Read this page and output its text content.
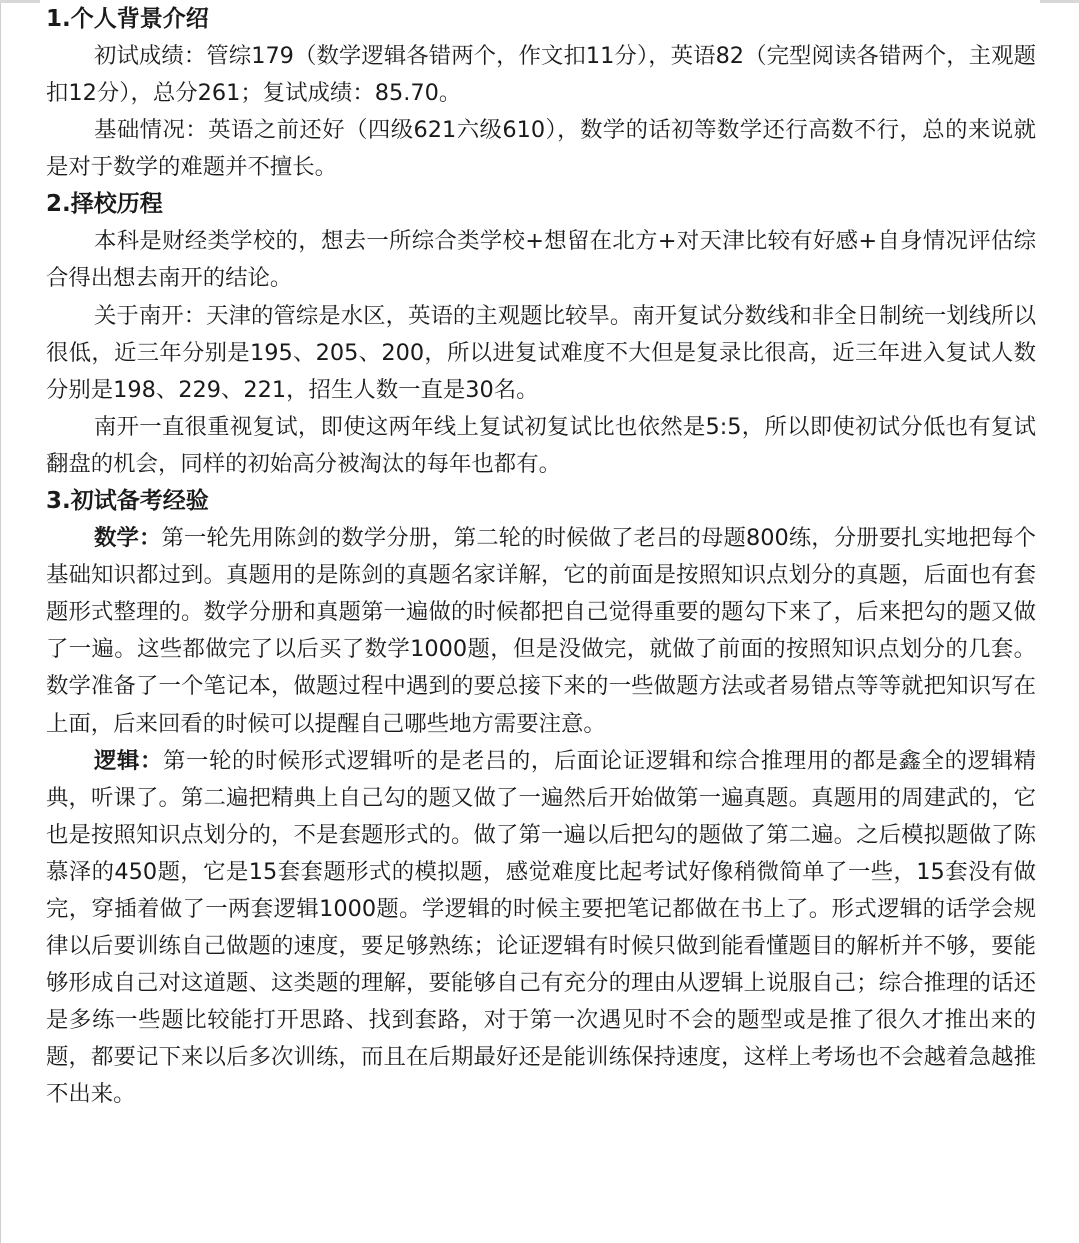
1.个人背景介绍

初试成绩：管综179（数学逻辑各错两个，作文扣11分），英语82（完型阅读各错两个，主观题扣12分），总分261；复试成绩：85.70。

基础情况：英语之前还好（四级621六级610），数学的话初等数学还行高数不行，总的来说就是对于数学的难题并不擅长。

2.择校历程

本科是财经类学校的，想去一所综合类学校+想留在北方+对天津比较有好感+自身情况评估综合得出想去南开的结论。

关于南开：天津的管综是水区，英语的主观题比较旱。南开复试分数线和非全日制统一划线所以很低，近三年分别是195、205、200，所以进复试难度不大但是复录比很高，近三年进入复试人数分别是198、229、221，招生人数一直是30名。

南开一直很重视复试，即使这两年线上复试初复试比也依然是5:5，所以即使初试分低也有复试翻盘的机会，同样的初始高分被淘汰的每年也都有。

3.初试备考经验

数学：第一轮先用陈剑的数学分册，第二轮的时候做了老吕的母题800练，分册要扎实地把每个基础知识都过到。真题用的是陈剑的真题名家详解，它的前面是按照知识点划分的真题，后面也有套题形式整理的。数学分册和真题第一遍做的时候都把自己觉得重要的题勾下来了，后来把勾的题又做了一遍。这些都做完了以后买了数学1000题，但是没做完，就做了前面的按照知识点划分的几套。数学准备了一个笔记本，做题过程中遇到的要总接下来的一些做题方法或者易错点等等就把知识写在上面，后来回看的时候可以提醒自己哪些地方需要注意。

逻辑：第一轮的时候形式逻辑听的是老吕的，后面论证逻辑和综合推理用的都是鑫全的逻辑精典，听课了。第二遍把精典上自己勾的题又做了一遍然后开始做第一遍真题。真题用的周建武的，它也是按照知识点划分的，不是套题形式的。做了第一遍以后把勾的题做了第二遍。之后模拟题做了陈慕泽的450题，它是15套套题形式的模拟题，感觉难度比起考试好像稍微简单了一些，15套没有做完，穿插着做了一两套逻辑1000题。学逻辑的时候主要把笔记都做在书上了。形式逻辑的话学会规律以后要训练自己做题的速度，要足够熟练；论证逻辑有时候只做到能看懂题目的解析并不够，要能够形成自己对这道题、这类题的理解，要能够自己有充分的理由从逻辑上说服自己；综合推理的话还是多练一些题比较能打开思路、找到套路，对于第一次遇见时不会的题型或是推了很久才推出来的题，都要记下来以后多次训练，而且在后期最好还是能训练保持速度，这样上考场也不会越着急越推不出来。
